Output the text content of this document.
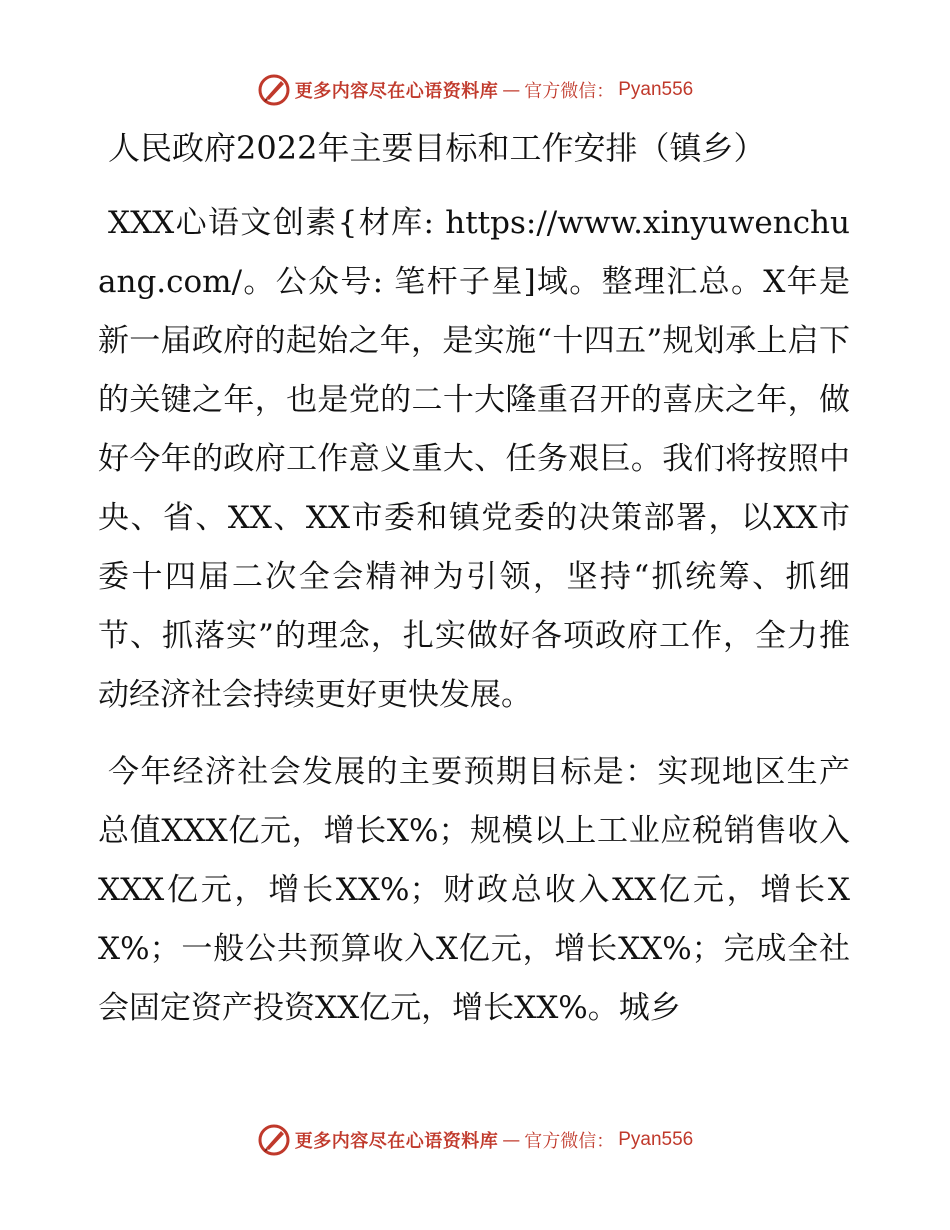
更多内容尽在心语资料库 — 官方微信： Pyan556
人民政府2022年主要目标和工作安排（镇乡）

XXX心语文创素{材库: https://www.xinyuwenchuang.com/。公众号: 笔杆子星]域。整理汇总。X年是新一届政府的起始之年，是实施“十四五”规划承上启下的关键之年，也是党的二十大隆重召开的喜庆之年，做好今年的政府工作意义重大、任务艰巨。我们将按照中央、省、XX、XX市委和镇党委的决策部署，以XX市委十四届二次全会精神为引领，坚持“抓统筹、抓细节、抓落实”的理念，扎实做好各项政府工作，全力推动经济社会持续更好更快发展。

今年经济社会发展的主要预期目标是：实现地区生产总值XXX亿元，增长X%；规模以上工业应税销售收入XXX亿元，增长XX%；财政总收入XX亿元，增长XX%；一般公共预算收入X亿元，增长XX%；完成全社会固定资产投资XX亿元，增长XX%。城乡

更多内容尽在心语资料库 — 官方微信： Pyan556
